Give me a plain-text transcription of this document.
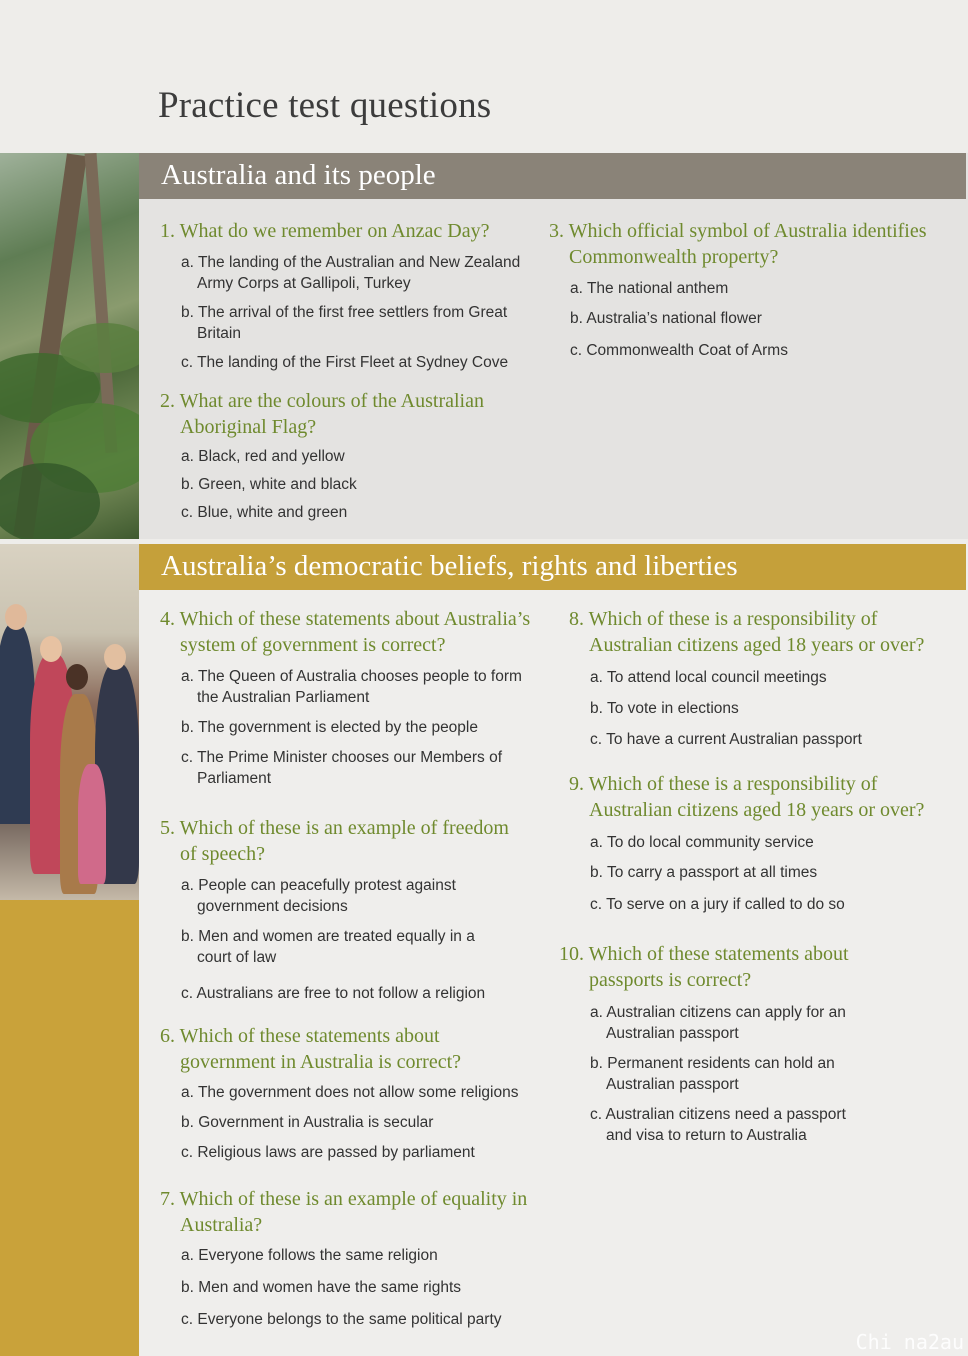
Practice test questions
Australia and its people
Australia’s democratic beliefs, rights and liberties

1. What do we remember on Anzac Day?

a. The landing of the Australian and New Zealand Army Corps at Gallipoli, Turkey

b. The arrival of the first free settlers from Great Britain

c. The landing of the First Fleet at Sydney Cove

2. What are the colours of the Australian Aboriginal Flag?

a. Black, red and yellow

b. Green, white and black

c. Blue, white and green

3. Which official symbol of Australia identifies Commonwealth property?

a. The national anthem

b. Australia’s national flower

c. Commonwealth Coat of Arms

4. Which of these statements about Australia’s system of government is correct?

a. The Queen of Australia chooses people to form the Australian Parliament

b. The government is elected by the people

c. The Prime Minister chooses our Members of Parliament

5. Which of these is an example of freedom of speech?

a. People can peacefully protest against government decisions

b. Men and women are treated equally in a court of law

c. Australians are free to not follow a religion

6. Which of these statements about government in Australia is correct?

a. The government does not allow some religions

b. Government in Australia is secular

c. Religious laws are passed by parliament

7. Which of these is an example of equality in Australia?

a. Everyone follows the same religion

b. Men and women have the same rights

c. Everyone belongs to the same political party

8. Which of these is a responsibility of Australian citizens aged 18 years or over?

a. To attend local council meetings

b. To vote in elections

c. To have a current Australian passport

9. Which of these is a responsibility of Australian citizens aged 18 years or over?

a. To do local community service

b. To carry a passport at all times

c. To serve on a jury if called to do so

10. Which of these statements about passports is correct?

a. Australian citizens can apply for an Australian passport

b. Permanent residents can hold an Australian passport

c. Australian citizens need a passport and visa to return to Australia

Chi na2au
